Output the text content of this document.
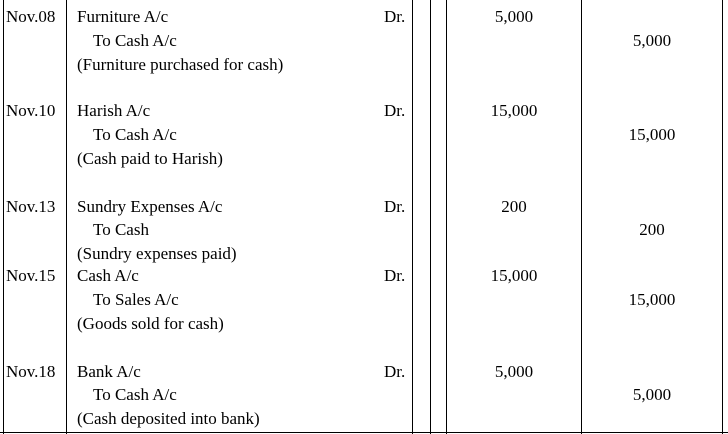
Nov.08 Furniture A/c	Dr.	5,000
To Cash A/c	5,000
(Furniture purchased for cash)
Nov.10 Harish A/c	Dr.	15,000
To Cash A/c	15,000
(Cash paid to Harish)
Nov.13 Sundry Expenses A/c	Dr.	200
To Cash	200
(Sundry expenses paid)
Nov.15 Cash A/c	Dr.	15,000
To Sales A/c	15,000
(Goods sold for cash)
Nov.18 Bank A/c	Dr.	5,000
To Cash A/c	5,000
(Cash deposited into bank)
